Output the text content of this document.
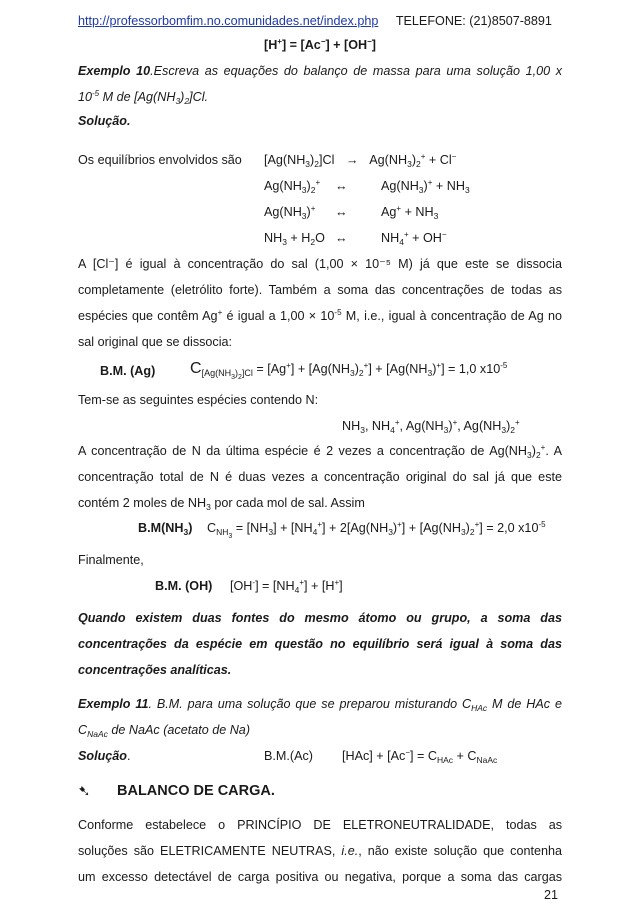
http://professorbomfim.no.comunidades.net/index.php TELEFONE: (21)8507-8891
[H+] = [Ac−] + [OH−]
Exemplo 10.Escreva as equações do balanço de massa para uma solução 1,00 x
$10^{-5}$ M de $[Ag(NH_3)_2]Cl$.
Solução.
Os equilíbrios envolvidos são $[Ag(NH_3)_2]Cl \to Ag(NH_3)_2^+ + Cl^-$
$Ag(NH_3)_2^+$ ↔	$Ag(NH_3)^+ + NH_3$
$Ag(NH_3)^+$ ↔	$Ag^+ + NH_3$
$NH_3 + H_2O$ ↔	$NH_4^+ + OH^-$
A [Cl⁻] é igual à concentração do sal (1,00 × 10⁻⁵ M) já que este se dissocia
completamente (eletrólito forte). Também a soma das concentrações de todas as
espécies que contêm Ag+ é igual a $1,00 \times 10^{-5}$ M, i.e., igual à concentração de Ag no
sal original que se dissocia:
B.M. (Ag) $C_{[Ag(NH_3)_2]Cl} = [Ag^+] + [Ag(NH_3)_2^+] + [Ag(NH_3)^+] = 1,0$ $x10^{-5}$
Tem-se as seguintes espécies contendo N:
$NH_3$, $NH_4^+$, $Ag(NH_3)^+$, $Ag(NH_3)_2^+$
A concentração de N da última espécie é 2 vezes a concentração de $Ag(NH_3)_2^+$. A
concentração total de N é duas vezes a concentração original do sal já que este
contém 2 moles de $NH_3$ por cada mol de sal. Assim
$B.M(NH_3) C_{NH_3} = [NH_3] + [NH_4^+] + 2[Ag(NH_3)^+] + [Ag(NH_3)_2^+] = 2,0$ $x10^{-5}$
Finalmente,
B.M. (OH) $[OH^-] = [NH_4^+] + [H^+]$
Quando existem duas fontes do mesmo átomo ou grupo, a soma das
concentrações da espécie em questão no equilíbrio será igual à soma das
concentrações analíticas.
Exemplo 11. B.M. para uma solução que se preparou misturando $C_{HAc}$ M de HAc e
$C_{NaAc}$ de NaAc (acetato de Na)
Solução.	B.M.(Ac) $[HAc] + [Ac^-] = C_{HAc} + C_{NaAc}$
➷ BALANCO DE CARGA.
Conforme estabelece o PRINCÍPIO DE ELETRONEUTRALIDADE, todas as
soluções são ELETRICAMENTE NEUTRAS, i.e., não existe solução que contenha
um excesso detectável de carga positiva ou negativa, porque a soma das cargas
21
